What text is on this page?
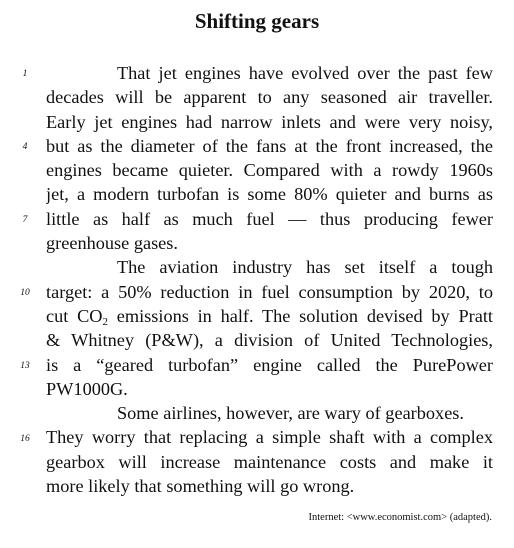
Shifting gears
1
4
7
10
13
16
That jet engines have evolved over the past few
decades will be apparent to any seasoned air traveller.
Early jet engines had narrow inlets and were very noisy,
but as the diameter of the fans at the front increased, the
engines became quieter. Compared with a rowdy 1960s
jet, a modern turbofan is some 80% quieter and burns as
little as half as much fuel — thus producing fewer
greenhouse gases.
The aviation industry has set itself a tough
target: a 50% reduction in fuel consumption by 2020, to
cut $CO_2$ emissions in half. The solution devised by Pratt
& Whitney (P&W), a division of United Technologies,
is a “geared turbofan” engine called the PurePower
PW1000G.
Some airlines, however, are wary of gearboxes.
They worry that replacing a simple shaft with a complex
gearbox will increase maintenance costs and make it
more likely that something will go wrong.
Internet: <www.economist.com> (adapted).
